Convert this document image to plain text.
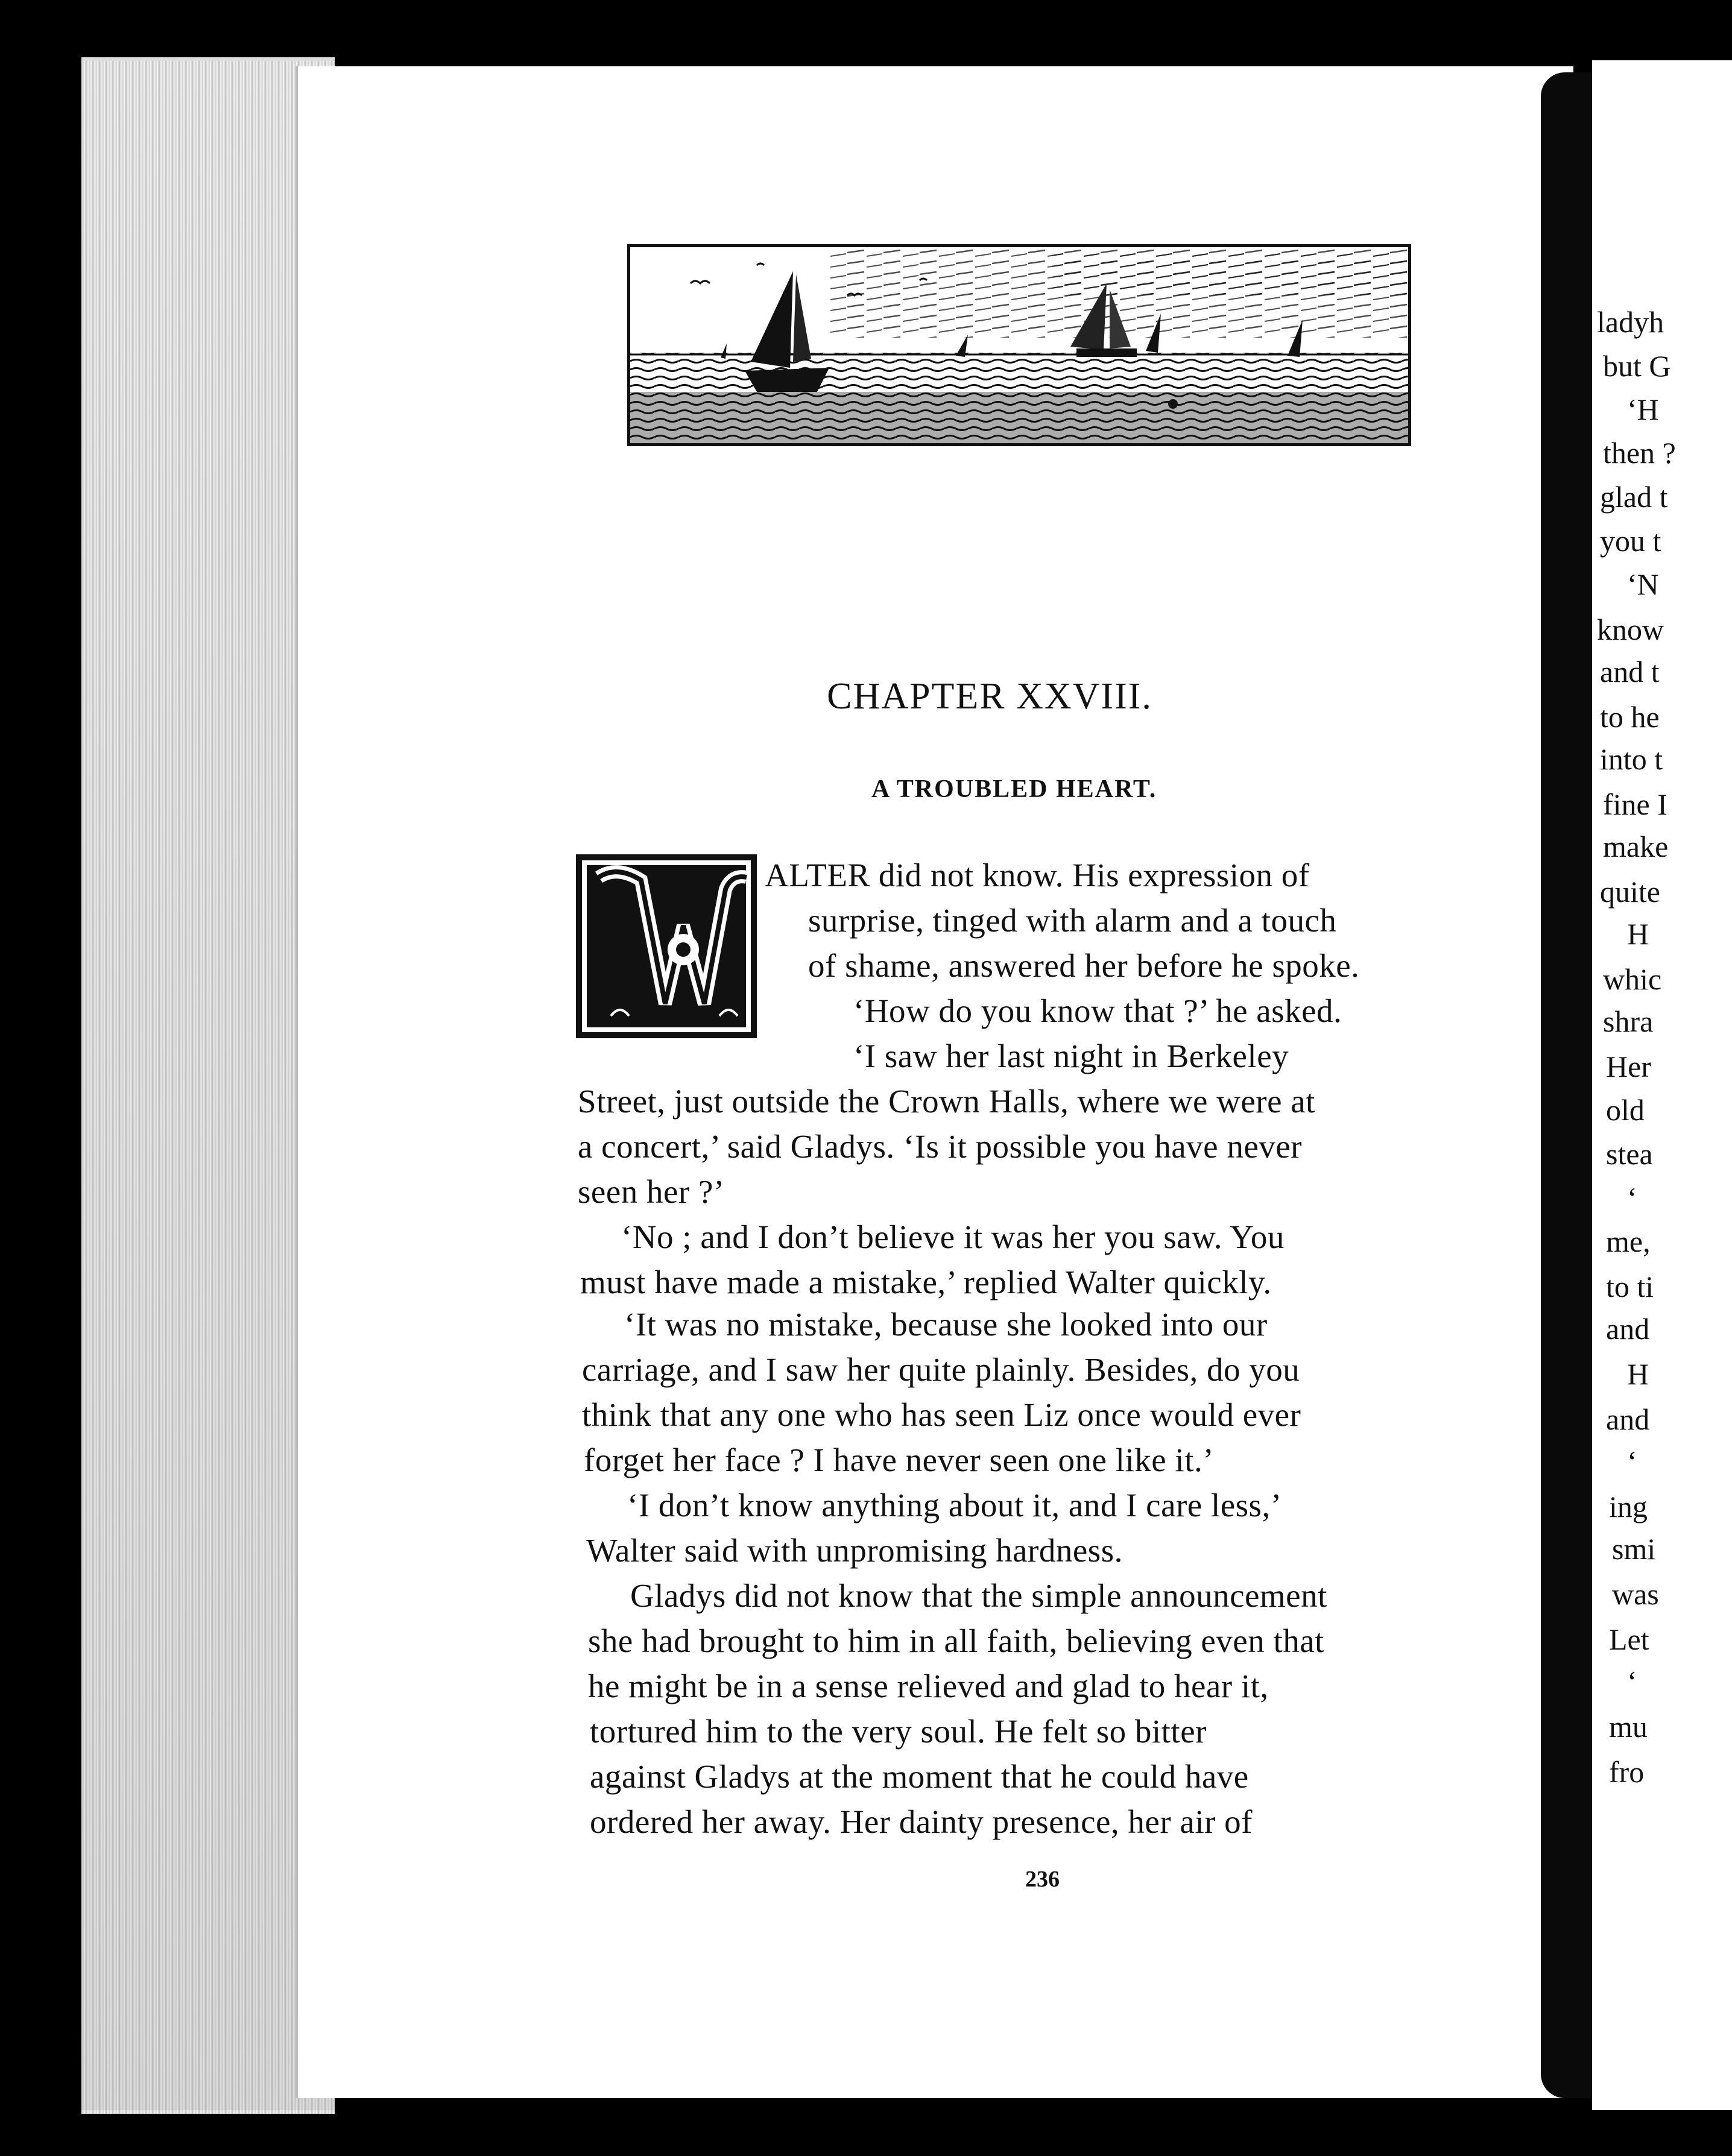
ladyh
but G
‘H
then ?
glad t
you t
‘N
know
and t
to he
into t
fine I
make
quite
H
whic
shra
Her
old
stea
‘
me,
to ti
and
H
and
‘
ing
smi
was
Let
‘
mu
fro
CHAPTER XXVIII.
A TROUBLED HEART.
ALTER did not know. His expression of
surprise, tinged with alarm and a touch
of shame, answered her before he spoke.
‘How do you know that ?’ he asked.
‘I saw her last night in Berkeley
Street, just outside the Crown Halls, where we were at
a concert,’ said Gladys. ‘Is it possible you have never
seen her ?’
‘No ; and I don’t believe it was her you saw. You
must have made a mistake,’ replied Walter quickly.
‘It was no mistake, because she looked into our
carriage, and I saw her quite plainly. Besides, do you
think that any one who has seen Liz once would ever
forget her face ? I have never seen one like it.’
‘I don’t know anything about it, and I care less,’
Walter said with unpromising hardness.
Gladys did not know that the simple announcement
she had brought to him in all faith, believing even that
he might be in a sense relieved and glad to hear it,
tortured him to the very soul. He felt so bitter
against Gladys at the moment that he could have
ordered her away. Her dainty presence, her air of
236
